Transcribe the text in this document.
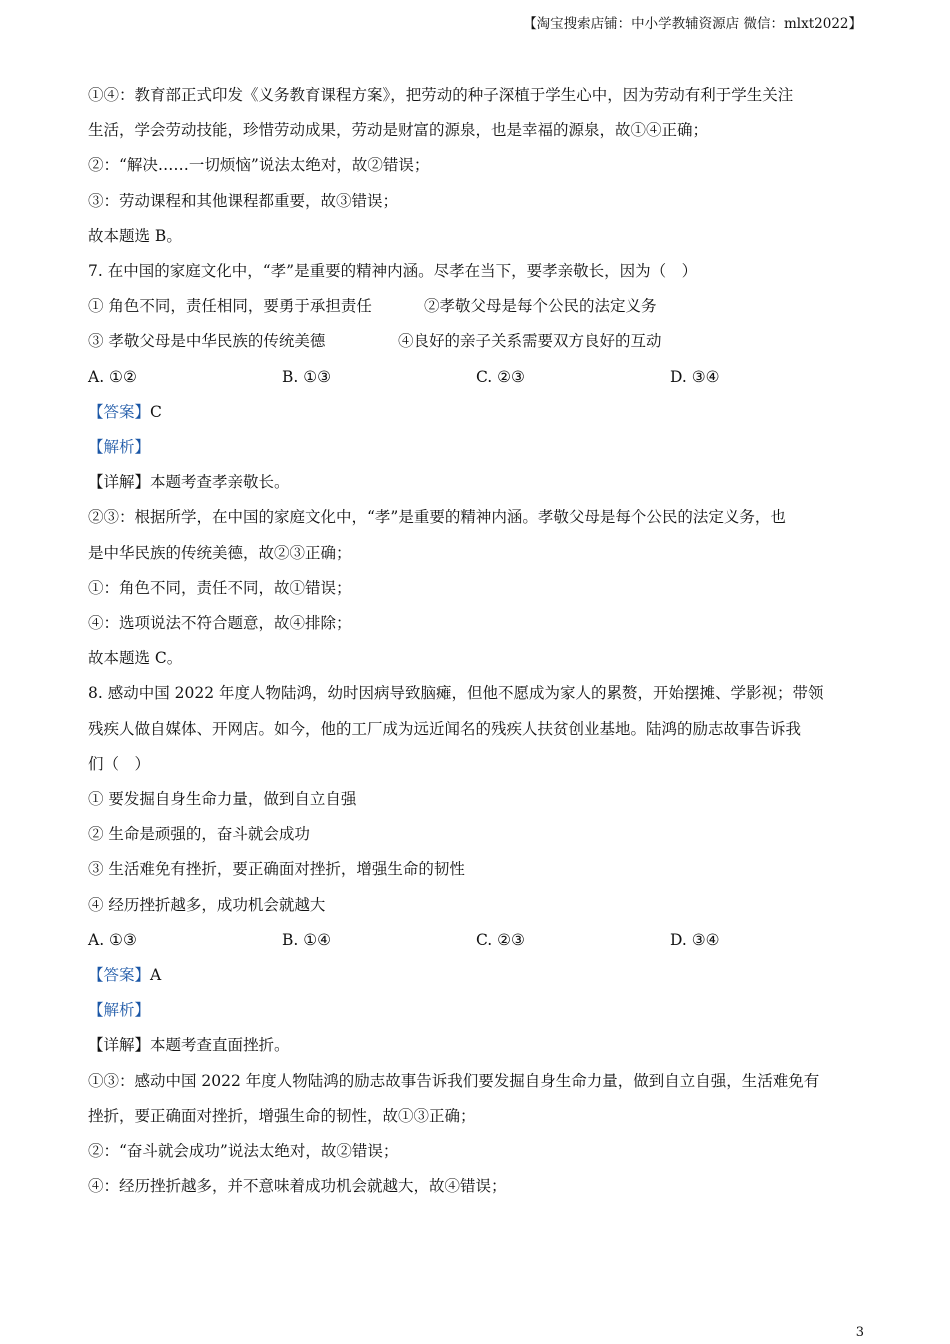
【淘宝搜索店铺：中小学教辅资源店 微信：mlxt2022】
①④：教育部正式印发《义务教育课程方案》，把劳动的种子深植于学生心中，因为劳动有利于学生关注
生活，学会劳动技能，珍惜劳动成果，劳动是财富的源泉，也是幸福的源泉，故①④正确；
②：“解决……一切烦恼”说法太绝对，故②错误；
③：劳动课程和其他课程都重要，故③错误；
故本题选 B。
7. 在中国的家庭文化中，“孝”是重要的精神内涵。尽孝在当下，要孝亲敬长，因为（　）
① 角色不同，责任相同，要勇于承担责任	②孝敬父母是每个公民的法定义务
③ 孝敬父母是中华民族的传统美德	④良好的亲子关系需要双方良好的互动
A. ①②	B. ①③	C. ②③	D. ③④
【答案】C
【解析】
【详解】本题考查孝亲敬长。
②③：根据所学，在中国的家庭文化中，“孝”是重要的精神内涵。孝敬父母是每个公民的法定义务，也
是中华民族的传统美德，故②③正确；
①：角色不同，责任不同，故①错误；
④：选项说法不符合题意，故④排除；
故本题选 C。
8. 感动中国 2022 年度人物陆鸿，幼时因病导致脑瘫，但他不愿成为家人的累赘，开始摆摊、学影视；带领
残疾人做自媒体、开网店。如今，他的工厂成为远近闻名的残疾人扶贫创业基地。陆鸿的励志故事告诉我
们（　）
① 要发掘自身生命力量，做到自立自强
② 生命是顽强的，奋斗就会成功
③ 生活难免有挫折，要正确面对挫折，增强生命的韧性
④ 经历挫折越多，成功机会就越大
A. ①③	B. ①④	C. ②③	D. ③④
【答案】A
【解析】
【详解】本题考查直面挫折。
①③：感动中国 2022 年度人物陆鸿的励志故事告诉我们要发掘自身生命力量，做到自立自强，生活难免有
挫折，要正确面对挫折，增强生命的韧性，故①③正确；
②：“奋斗就会成功”说法太绝对，故②错误；
④：经历挫折越多，并不意味着成功机会就越大，故④错误；
3
